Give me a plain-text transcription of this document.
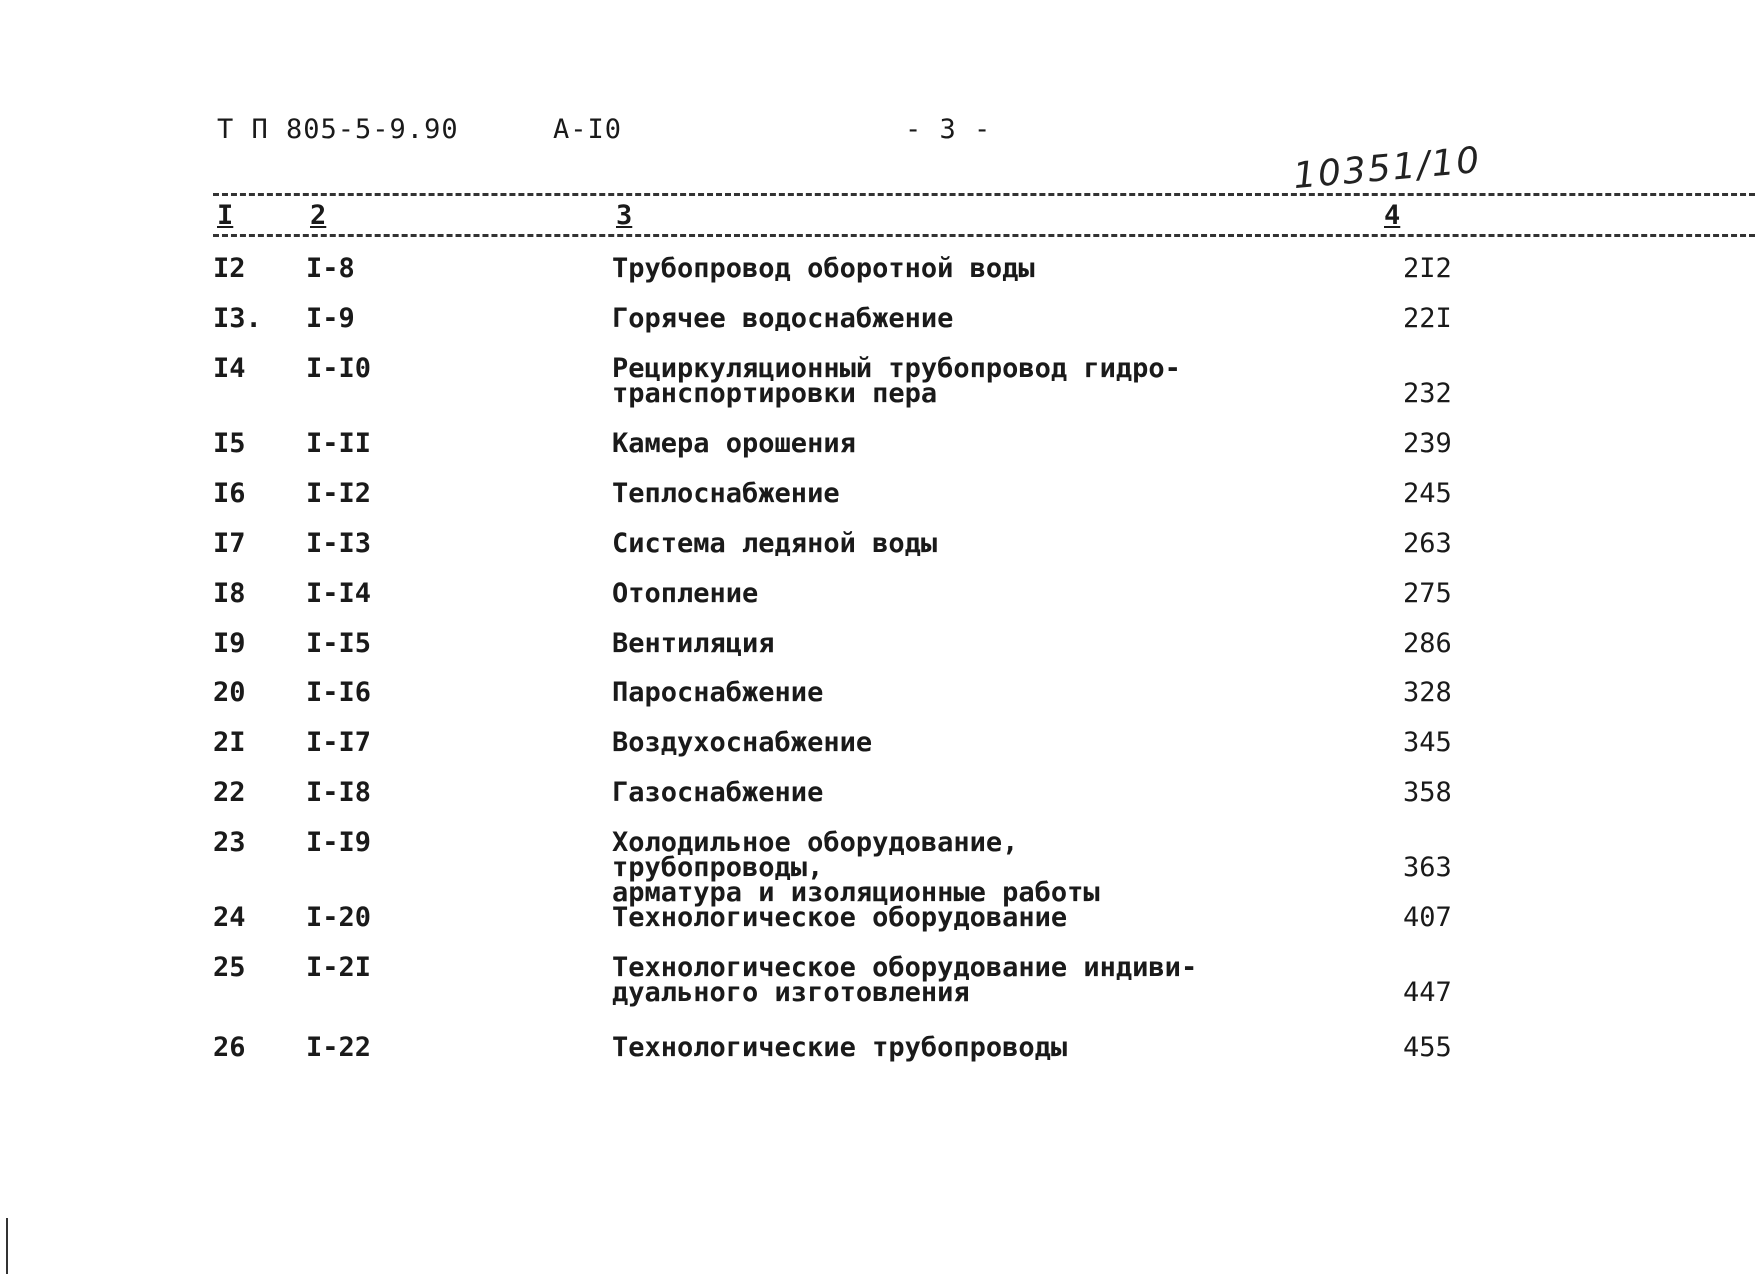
Т П 805-5-9.90	А-I0	- 3 -
10351/10
I	2	3	4
I2 I-8	Трубопровод оборотной воды	2I2
I3. I-9	Горячее водоснабжение	22I
I4 I-I0	Рециркуляционный трубопровод гидро-
транспортировки пера	232
I5 I-II	Камера орошения	239
I6 I-I2	Теплоснабжение	245
I7 I-I3	Система ледяной воды	263
I8 I-I4	Отопление	275
I9 I-I5	Вентиляция	286
20 I-I6	Пароснабжение	328
2I I-I7	Воздухоснабжение	345
22 I-I8	Газоснабжение	358
23 I-I9	Холодильное оборудование, трубопроводы,
арматура и изоляционные работы
363
24 I-20	Технологическое оборудование	407
25 I-2I	Технологическое оборудование индиви-
дуального изготовления	447
26 I-22	Технологические трубопроводы	455
